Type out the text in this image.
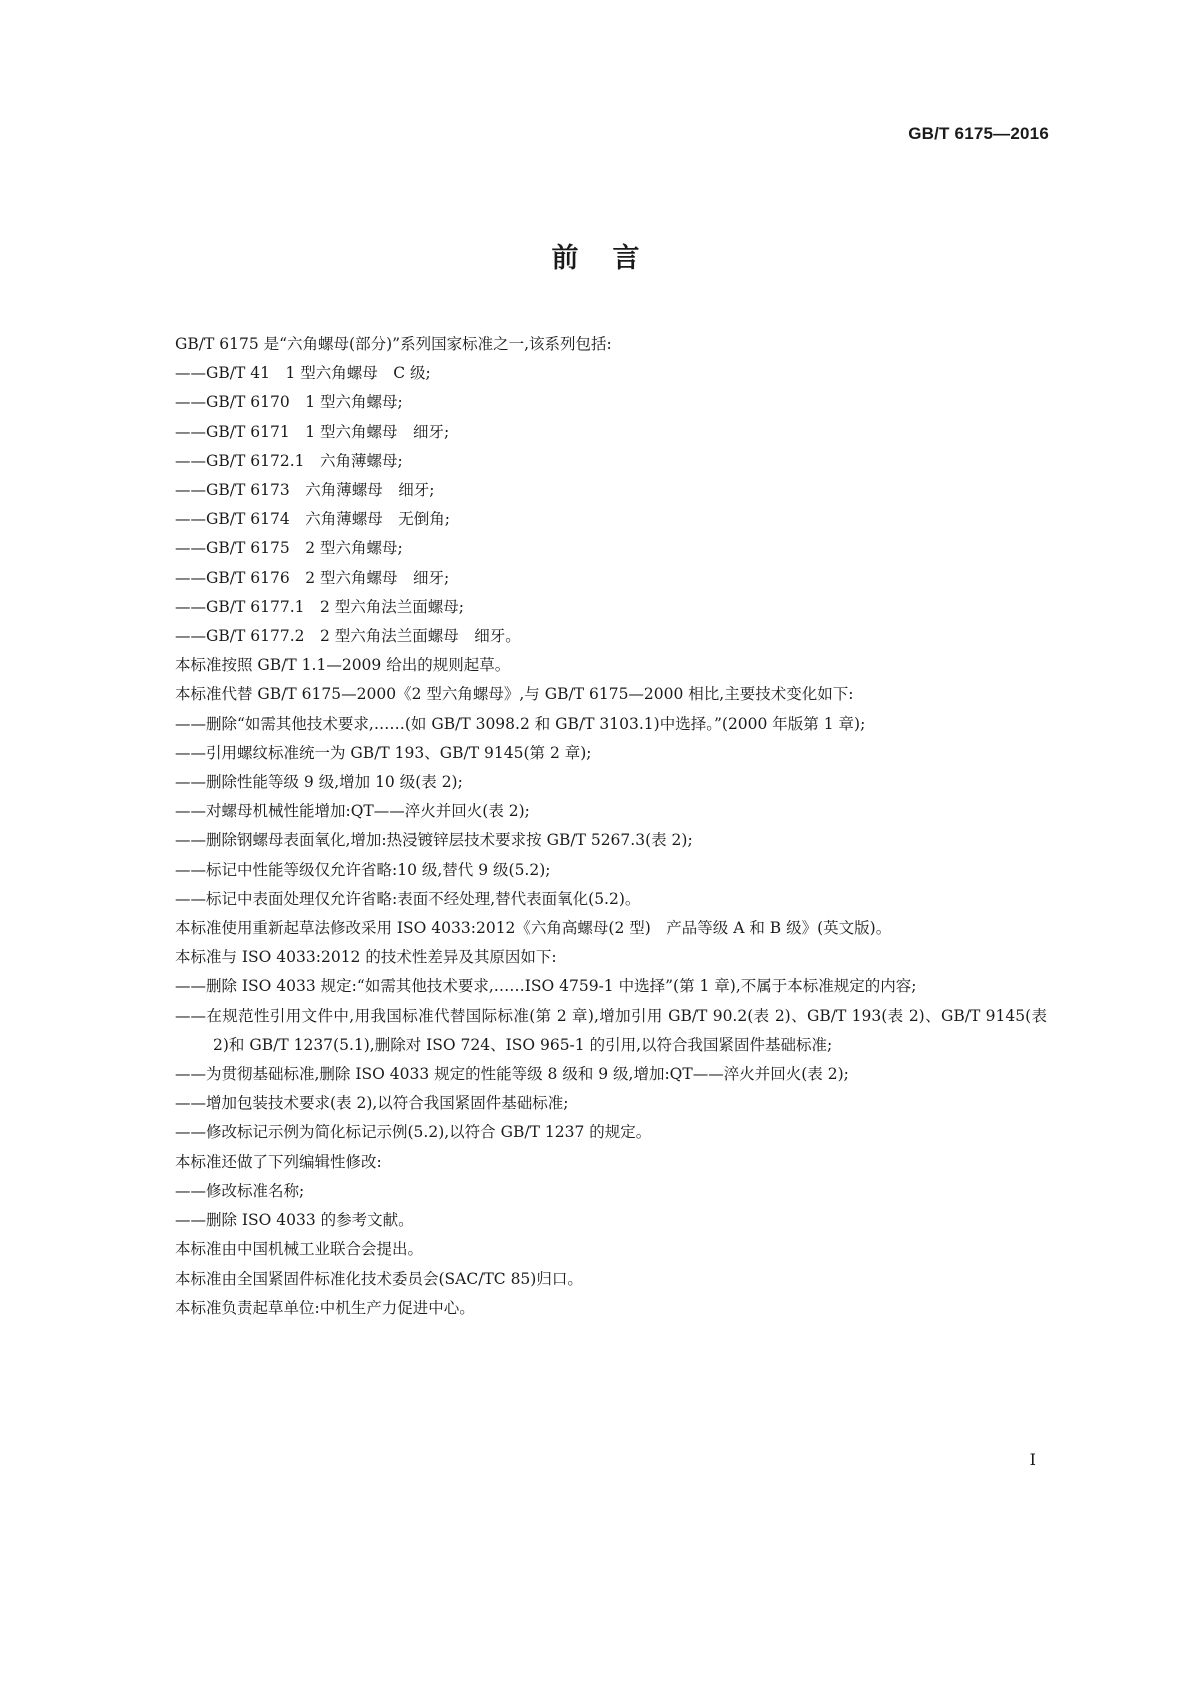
GB/T 6175—2016
前言

GB/T 6175 是“六角螺母(部分)”系列国家标准之一,该系列包括:

——GB/T 41　1 型六角螺母　C 级;

——GB/T 6170　1 型六角螺母;

——GB/T 6171　1 型六角螺母　细牙;

——GB/T 6172.1　六角薄螺母;

——GB/T 6173　六角薄螺母　细牙;

——GB/T 6174　六角薄螺母　无倒角;

——GB/T 6175　2 型六角螺母;

——GB/T 6176　2 型六角螺母　细牙;

——GB/T 6177.1　2 型六角法兰面螺母;

——GB/T 6177.2　2 型六角法兰面螺母　细牙。

本标准按照 GB/T 1.1—2009 给出的规则起草。

本标准代替 GB/T 6175—2000《2 型六角螺母》,与 GB/T 6175—2000 相比,主要技术变化如下:

——删除“如需其他技术要求,……(如 GB/T 3098.2 和 GB/T 3103.1)中选择。”(2000 年版第 1 章);

——引用螺纹标准统一为 GB/T 193、GB/T 9145(第 2 章);

——删除性能等级 9 级,增加 10 级(表 2);

——对螺母机械性能增加:QT——淬火并回火(表 2);

——删除钢螺母表面氧化,增加:热浸镀锌层技术要求按 GB/T 5267.3(表 2);

——标记中性能等级仅允许省略:10 级,替代 9 级(5.2);

——标记中表面处理仅允许省略:表面不经处理,替代表面氧化(5.2)。

本标准使用重新起草法修改采用 ISO 4033:2012《六角高螺母(2 型)　产品等级 A 和 B 级》(英文版)。

本标准与 ISO 4033:2012 的技术性差异及其原因如下:

——删除 ISO 4033 规定:“如需其他技术要求,……ISO 4759-1 中选择”(第 1 章),不属于本标准规定的内容;

——在规范性引用文件中,用我国标准代替国际标准(第 2 章),增加引用 GB/T 90.2(表 2)、GB/T 193(表 2)、GB/T 9145(表 2)和 GB/T 1237(5.1),删除对 ISO 724、ISO 965-1 的引用,以符合我国紧固件基础标准;

——为贯彻基础标准,删除 ISO 4033 规定的性能等级 8 级和 9 级,增加:QT——淬火并回火(表 2);

——增加包装技术要求(表 2),以符合我国紧固件基础标准;

——修改标记示例为简化标记示例(5.2),以符合 GB/T 1237 的规定。

本标准还做了下列编辑性修改:

——修改标准名称;

——删除 ISO 4033 的参考文献。

本标准由中国机械工业联合会提出。

本标准由全国紧固件标准化技术委员会(SAC/TC 85)归口。

本标准负责起草单位:中机生产力促进中心。

I
